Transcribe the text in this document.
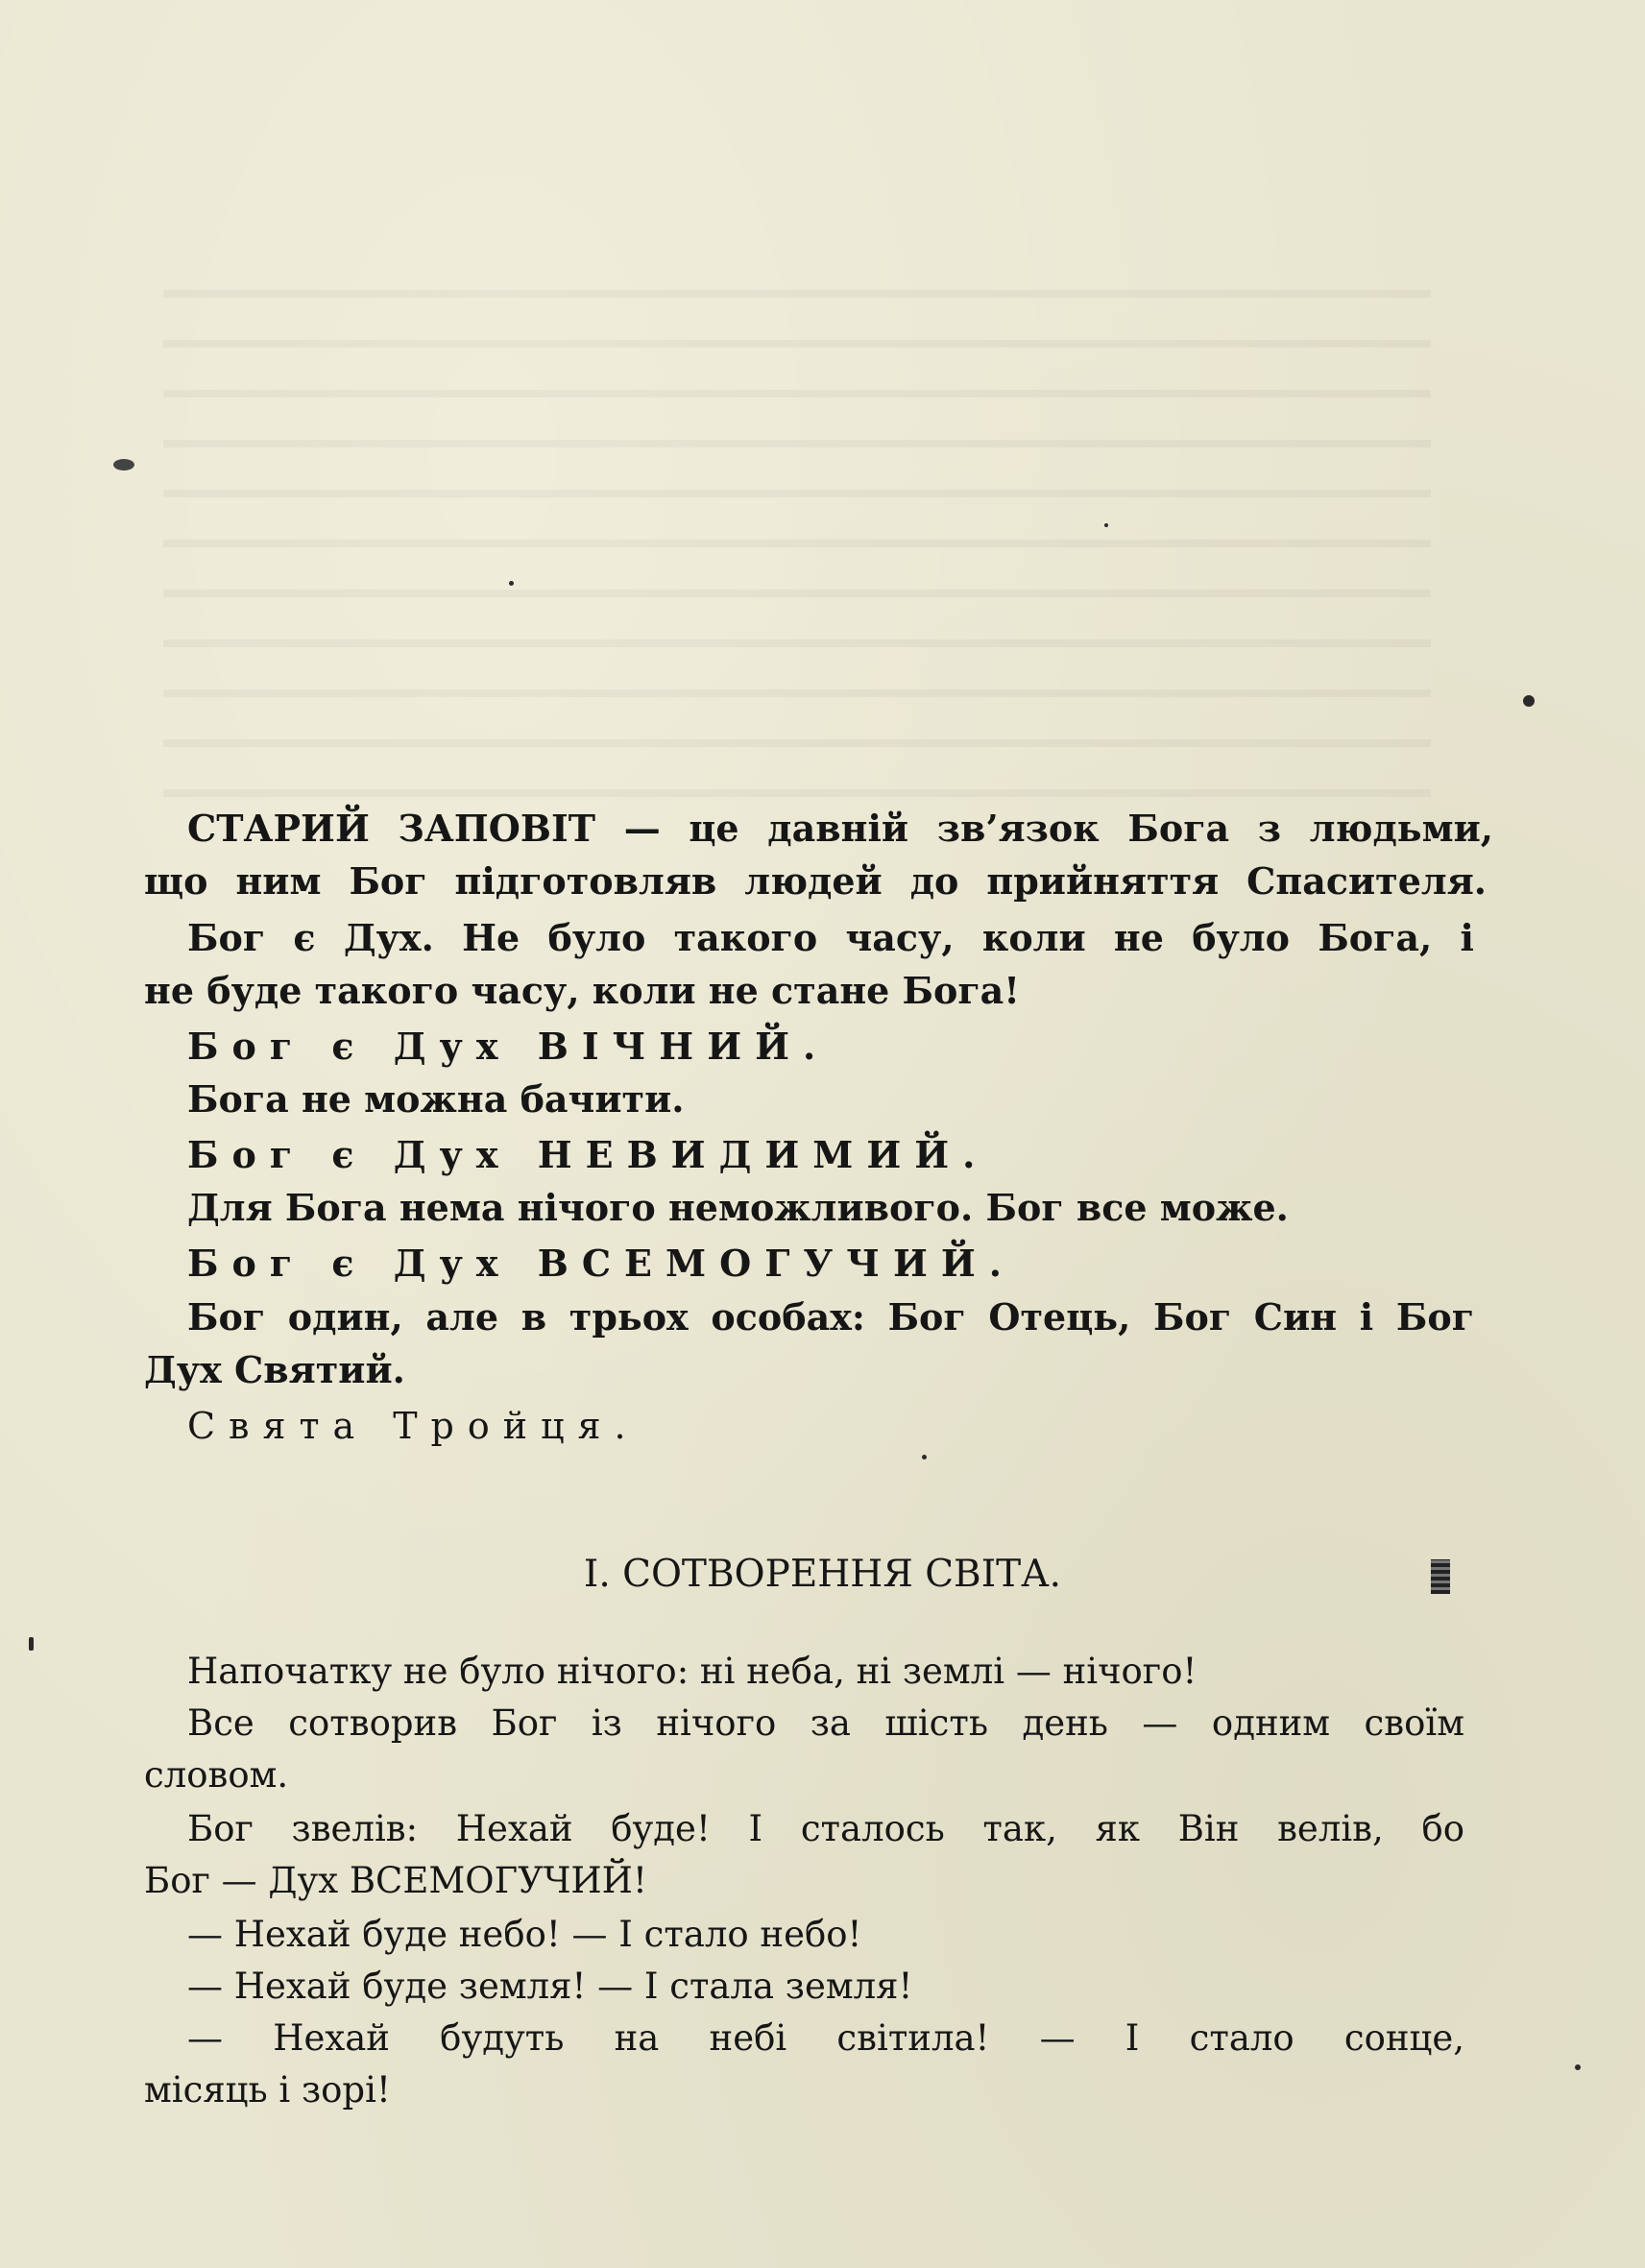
СТАРИЙ ЗАПОВІТ — це давній зв’язок Бога з людьми,

що ним Бог підготовляв людей до прийняття Спасителя.

Бог є Дух. Не було такого часу, коли не було Бога, і

не буде такого часу, коли не стане Бога!

Бог є Дух ВІЧНИЙ.

Бога не можна бачити.

Бог є Дух НЕВИДИМИЙ.

Для Бога нема нічого неможливого. Бог все може.

Бог є Дух ВСЕМОГУЧИЙ.

Бог один, але в трьох особах: Бог Отець, Бог Син і Бог

Дух Святий.

Свята Тройця.

I. СОТВОРЕННЯ СВІТА.

Напочатку не було нічого: ні неба, ні землі — нічого!

Все сотворив Бог із нічого за шість день — одним своїм

словом.

Бог звелів: Нехай буде! І сталось так, як Він велів, бо

Бог — Дух ВСЕМОГУЧИЙ!

— Нехай буде небо! — І стало небо!

— Нехай буде земля! — І стала земля!

— Нехай будуть на небі світила! — І стало сонце,

місяць і зорі!
